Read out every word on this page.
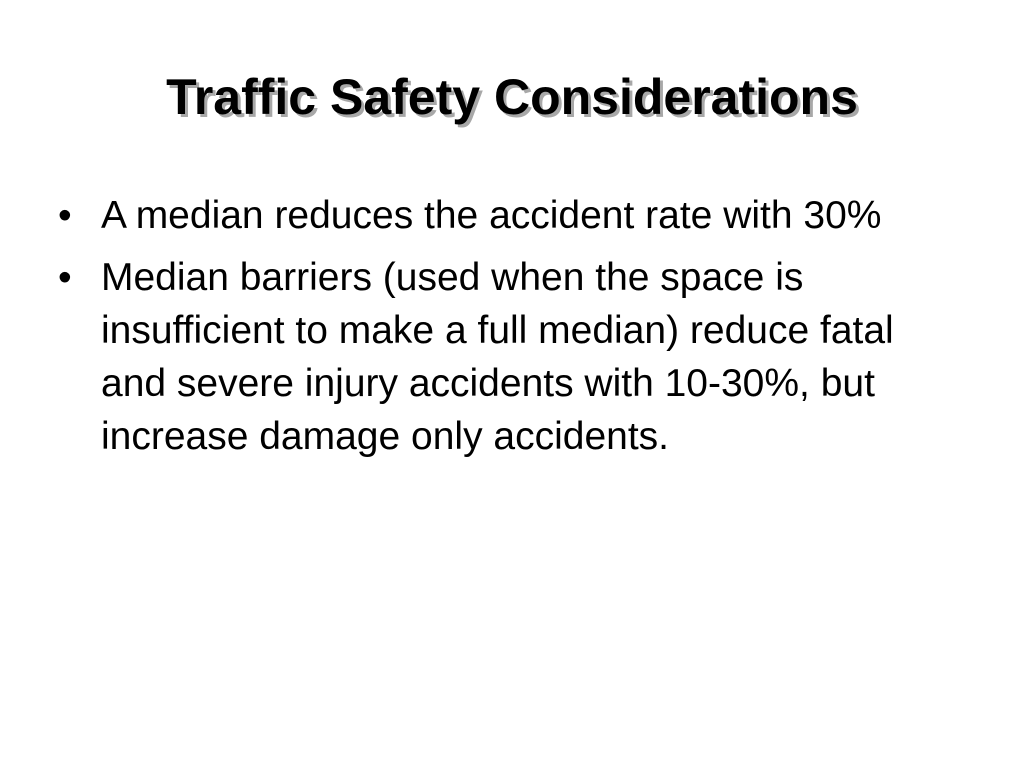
Traffic Safety Considerations
• A median reduces the accident rate with 30%
• Median barriers (used when the space is insufficient to make a full median) reduce fatal and severe injury accidents with 10-30%, but increase damage only accidents.
